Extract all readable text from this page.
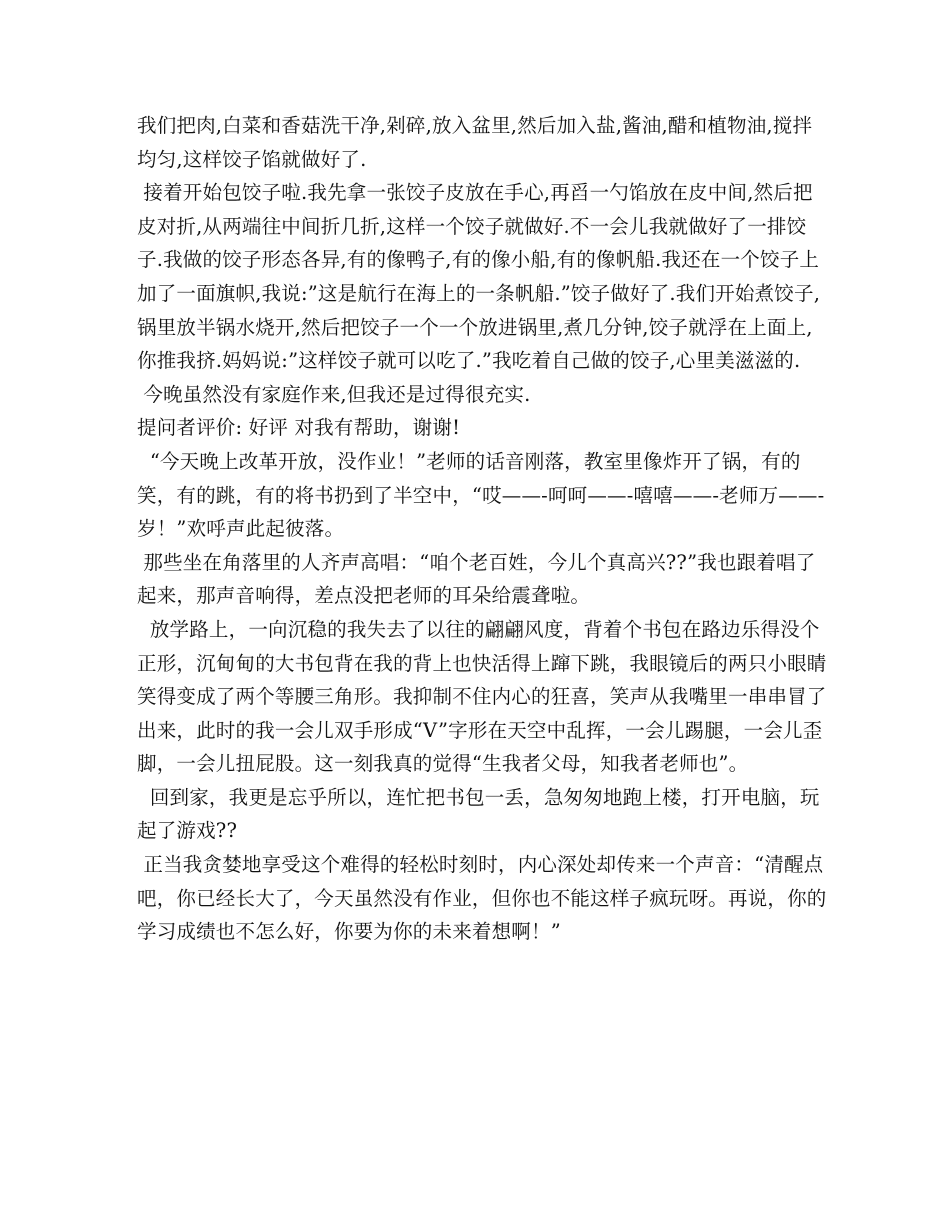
我们把肉,白菜和香菇洗干净,剁碎,放入盆里,然后加入盐,酱油,醋和植物油,搅拌均匀,这样饺子馅就做好了.

接着开始包饺子啦.我先拿一张饺子皮放在手心,再舀一勺馅放在皮中间,然后把皮对折,从两端往中间折几折,这样一个饺子就做好.不一会儿我就做好了一排饺子.我做的饺子形态各异,有的像鸭子,有的像小船,有的像帆船.我还在一个饺子上加了一面旗帜,我说:”这是航行在海上的一条帆船.”饺子做好了.我们开始煮饺子,锅里放半锅水烧开,然后把饺子一个一个放进锅里,煮几分钟,饺子就浮在上面上,你推我挤.妈妈说:”这样饺子就可以吃了.”我吃着自己做的饺子,心里美滋滋的.

今晚虽然没有家庭作来,但我还是过得很充实.

提问者评价: 好评 对我有帮助，谢谢!

“今天晚上改革开放，没作业！”老师的话音刚落，教室里像炸开了锅，有的笑，有的跳，有的将书扔到了半空中，“哎——-呵呵——-嘻嘻——-老师万——-岁！”欢呼声此起彼落。

那些坐在角落里的人齐声高唱：“咱个老百姓，今儿个真高兴??”我也跟着唱了起来，那声音响得，差点没把老师的耳朵给震聋啦。

放学路上，一向沉稳的我失去了以往的翩翩风度，背着个书包在路边乐得没个正形，沉甸甸的大书包背在我的背上也快活得上蹿下跳，我眼镜后的两只小眼睛笑得变成了两个等腰三角形。我抑制不住内心的狂喜，笑声从我嘴里一串串冒了出来，此时的我一会儿双手形成“V”字形在天空中乱挥，一会儿踢腿，一会儿歪脚，一会儿扭屁股。这一刻我真的觉得“生我者父母，知我者老师也”。

回到家，我更是忘乎所以，连忙把书包一丢，急匆匆地跑上楼，打开电脑，玩起了游戏??

正当我贪婪地享受这个难得的轻松时刻时，内心深处却传来一个声音：“清醒点吧，你已经长大了，今天虽然没有作业，但你也不能这样子疯玩呀。再说，你的学习成绩也不怎么好，你要为你的未来着想啊！”
